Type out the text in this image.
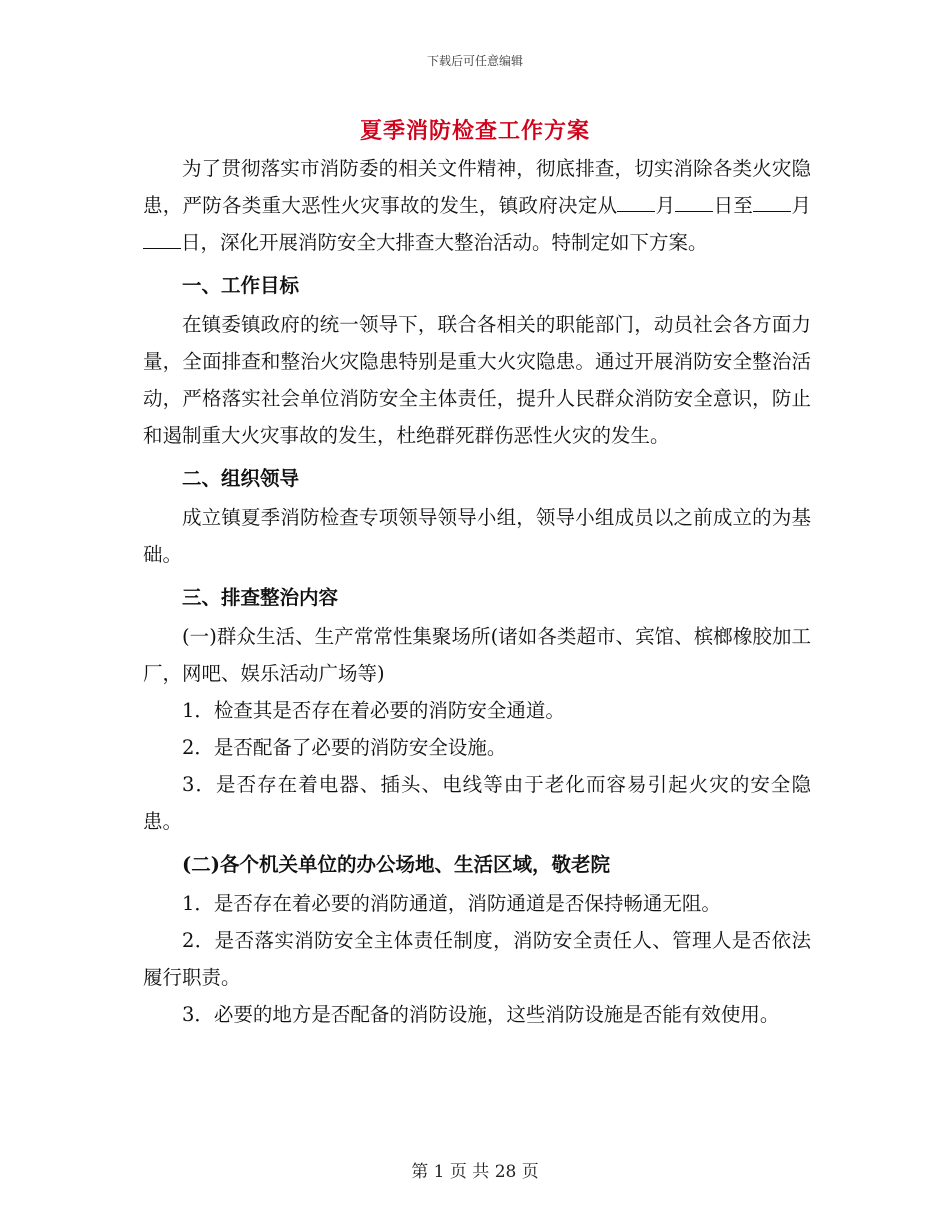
下载后可任意编辑
夏季消防检查工作方案

为了贯彻落实市消防委的相关文件精神，彻底排查，切实消除各类火灾隐患，严防各类重大恶性火灾事故的发生，镇政府决定从 月 日至 月日，深化开展消防安全大排查大整治活动。特制定如下方案。

一、工作目标

在镇委镇政府的统一领导下，联合各相关的职能部门，动员社会各方面力量，全面排查和整治火灾隐患特别是重大火灾隐患。通过开展消防安全整治活动，严格落实社会单位消防安全主体责任，提升人民群众消防安全意识，防止和遏制重大火灾事故的发生，杜绝群死群伤恶性火灾的发生。

二、组织领导

成立镇夏季消防检查专项领导领导小组，领导小组成员以之前成立的为基础。

三、排查整治内容

(一)群众生活、生产常常性集聚场所(诸如各类超市、宾馆、槟榔橡胶加工厂，网吧、娱乐活动广场等)

1．检查其是否存在着必要的消防安全通道。

2．是否配备了必要的消防安全设施。

3．是否存在着电器、插头、电线等由于老化而容易引起火灾的安全隐患。

(二)各个机关单位的办公场地、生活区域，敬老院

1．是否存在着必要的消防通道，消防通道是否保持畅通无阻。

2．是否落实消防安全主体责任制度，消防安全责任人、管理人是否依法履行职责。

3．必要的地方是否配备的消防设施，这些消防设施是否能有效使用。

第 1 页 共 28 页
